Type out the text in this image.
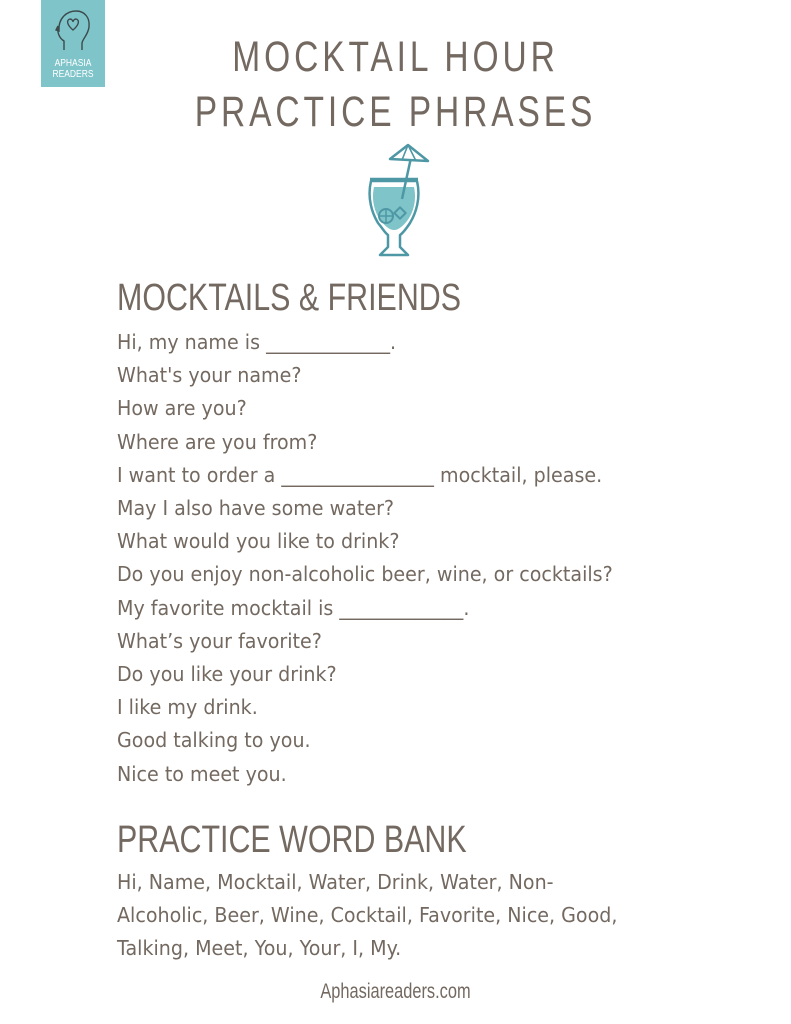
APHASIA
READERS	MOCKTAIL HOUR
PRACTICE PHRASES
MOCKTAILS & FRIENDS
Hi, my name is _____________.
What's your name?
How are you?
Where are you from?
I want to order a ________________ mocktail, please.
May I also have some water?
What would you like to drink?
Do you enjoy non-alcoholic beer, wine, or cocktails?
My favorite mocktail is _____________.
What’s your favorite?
Do you like your drink?
I like my drink.
Good talking to you.
Nice to meet you.
PRACTICE WORD BANK
Hi, Name, Mocktail, Water, Drink, Water, Non-
Alcoholic, Beer, Wine, Cocktail, Favorite, Nice, Good,
Talking, Meet, You, Your, I, My.
Aphasiareaders.com
